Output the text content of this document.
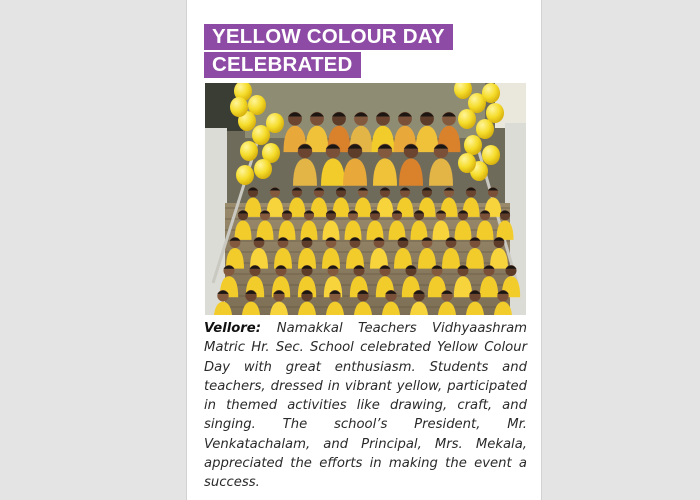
YELLOW COLOUR DAY
CELEBRATED
Vellore: Namakkal Teachers Vidhyaashram Matric Hr. Sec. School celebrated Yellow Colour Day with great enthusiasm. Students and teachers, dressed in vibrant yellow, participated in themed activities like drawing, craft, and singing. The school’s President, Mr. Venkatachalam, and Principal, Mrs. Mekala, appreciated the efforts in making the event a success.
